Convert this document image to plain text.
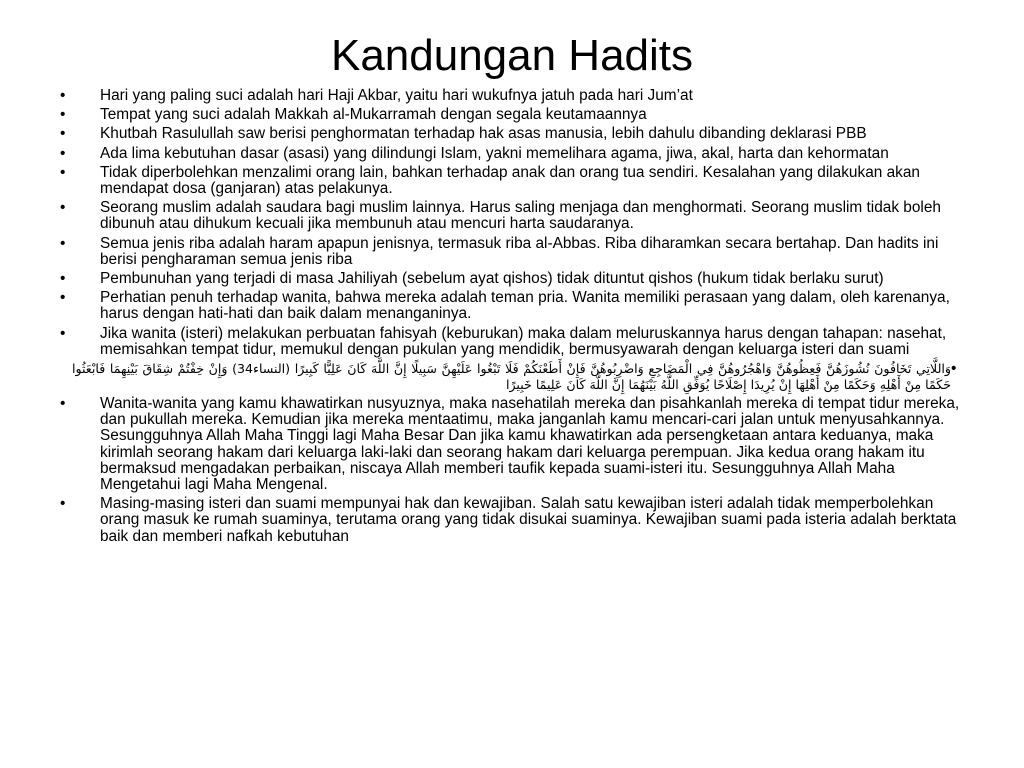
Kandungan Hadits
•	Hari yang paling suci adalah hari Haji Akbar, yaitu hari wukufnya jatuh pada hari Jum’at
•	Tempat yang suci adalah Makkah al-Mukarramah dengan segala keutamaannya
•	Khutbah Rasulullah saw berisi penghormatan terhadap hak asas manusia, lebih dahulu dibanding deklarasi PBB
•	Ada lima kebutuhan dasar (asasi) yang dilindungi Islam, yakni memelihara agama, jiwa, akal, harta dan kehormatan
•	Tidak diperbolehkan menzalimi orang lain, bahkan terhadap anak dan orang tua sendiri. Kesalahan yang dilakukan akan mendapat dosa (ganjaran) atas pelakunya.
•	Seorang muslim adalah saudara bagi muslim lainnya. Harus saling menjaga dan menghormati. Seorang muslim tidak boleh dibunuh atau dihukum kecuali jika membunuh atau mencuri harta saudaranya.
•	Semua jenis riba adalah haram apapun jenisnya, termasuk riba al-Abbas. Riba diharamkan secara bertahap. Dan hadits ini berisi pengharaman semua jenis riba
•	Pembunuhan yang terjadi di masa Jahiliyah (sebelum ayat qishos) tidak dituntut qishos (hukum tidak berlaku surut)
•	Perhatian penuh terhadap wanita, bahwa mereka adalah teman pria. Wanita memiliki perasaan yang dalam, oleh karenanya, harus dengan hati-hati dan baik dalam menanganinya.
•	Jika wanita (isteri) melakukan perbuatan fahisyah (keburukan) maka dalam meluruskannya harus dengan tahapan: nasehat, memisahkan tempat tidur, memukul dengan pukulan yang mendidik, bermusyawarah dengan keluarga isteri dan suami
•
وَاللَّاتِي تَخَافُونَ نُشُوزَهُنَّ فَعِظُوهُنَّ وَاهْجُرُوهُنَّ فِي الْمَضَاجِعِ وَاضْرِبُوهُنَّ فَإِنْ أَطَعْنَكُمْ فَلَا تَبْغُوا عَلَيْهِنَّ سَبِيلًا إِنَّ اللَّهَ كَانَ عَلِيًّا كَبِيرًا (النساء34) وَإِنْ خِفْتُمْ شِقَاقَ بَيْنِهِمَا فَابْعَثُوا حَكَمًا مِنْ أَهْلِهِ وَحَكَمًا مِنْ أَهْلِهَا إِنْ يُرِيدَا إِصْلَاحًا يُوَفِّقِ اللَّهُ بَيْنَهُمَا إِنَّ اللَّهَ كَانَ عَلِيمًا خَبِيرًا
•	Wanita-wanita yang kamu khawatirkan nusyuznya, maka nasehatilah mereka dan pisahkanlah mereka di tempat tidur mereka, dan pukullah mereka. Kemudian jika mereka mentaatimu, maka janganlah kamu mencari-cari jalan untuk menyusahkannya. Sesungguhnya Allah Maha Tinggi lagi Maha Besar Dan jika kamu khawatirkan ada persengketaan antara keduanya, maka kirimlah seorang hakam dari keluarga laki-laki dan seorang hakam dari keluarga perempuan. Jika kedua orang hakam itu bermaksud mengadakan perbaikan, niscaya Allah memberi taufik kepada suami-isteri itu. Sesungguhnya Allah Maha Mengetahui lagi Maha Mengenal.
•	Masing-masing isteri dan suami mempunyai hak dan kewajiban. Salah satu kewajiban isteri adalah tidak memperbolehkan orang masuk ke rumah suaminya, terutama orang yang tidak disukai suaminya. Kewajiban suami pada isteria adalah berktata baik dan memberi nafkah kebutuhan
